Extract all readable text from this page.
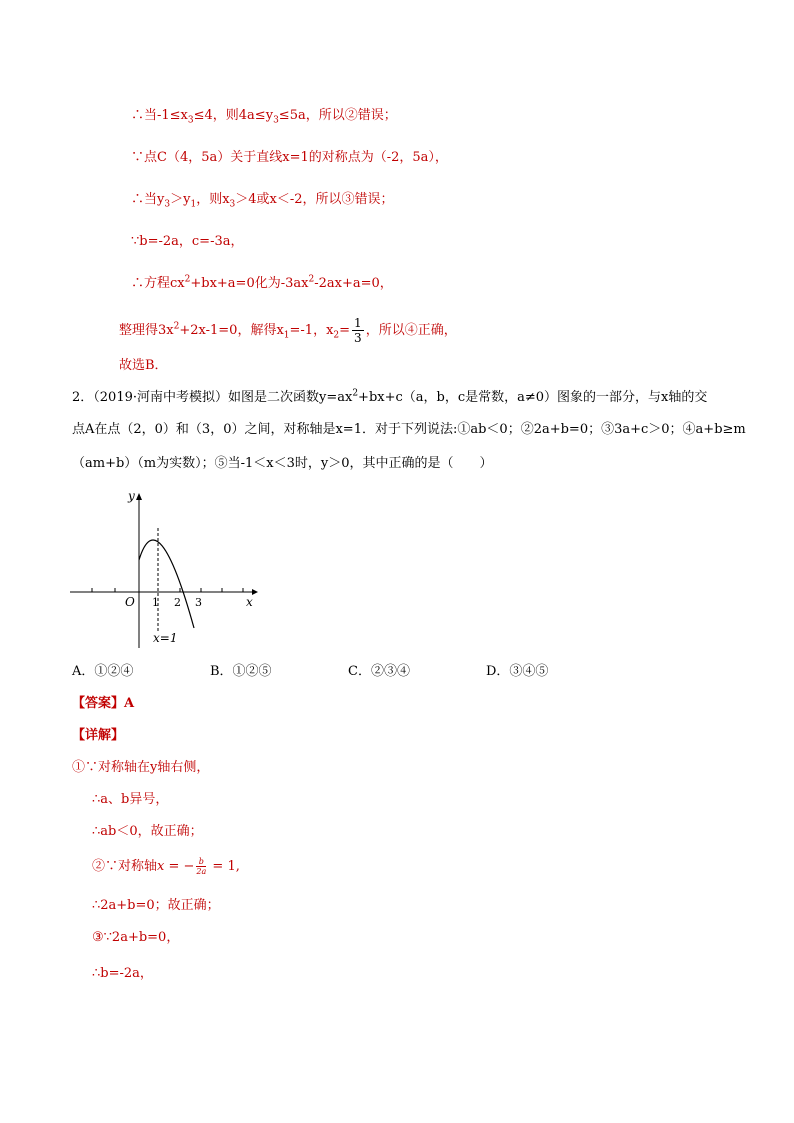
∴当$-1\le x_3\le 4$，则$4a\le y_3\le 5a$，所以②错误；
∵点C（4，5a）关于直线x=1的对称点为（-2，5a），
∴当$y_3>y_1$，则$x_3>4$或x＜-2，所以③错误；
∵b=-2a，c=-3a，
∴方程$cx^2+bx+a=0$化为$-3ax^2-2ax+a=0$，
整理得$3x^2+2x-1=0$，解得$x_1=-1$，$x_2= \frac{1}{3}$ ，所以④正确，
故选B．
2．（2019·河南中考模拟）如图是二次函数$y=ax^2+bx+c(a$，b，c是常数，a≠0）图象的一部分，与x轴的交
点A在点（2，0）和（3，0）之间，对称轴是x=1．对于下列说法:①ab＜0；②2a+b=0；③3a+c＞0；④a+b≥m
（am+b）（m为实数）；⑤当-1＜x＜3时，y＞0，其中正确的是（　　）
y
x
O 1 2 3
x=1
A．①②④	B．①②⑤	C．②③④	D．③④⑤
【答案】A
【详解】
①∵对称轴在y轴右侧，
∴a、b异号，
∴ab＜0，故正确；
②∵对称轴x = − $\frac{b}{2a} = 1$,
∴2a+b=0；故正确；
③∵2a+b=0，
∴b=-2a，
